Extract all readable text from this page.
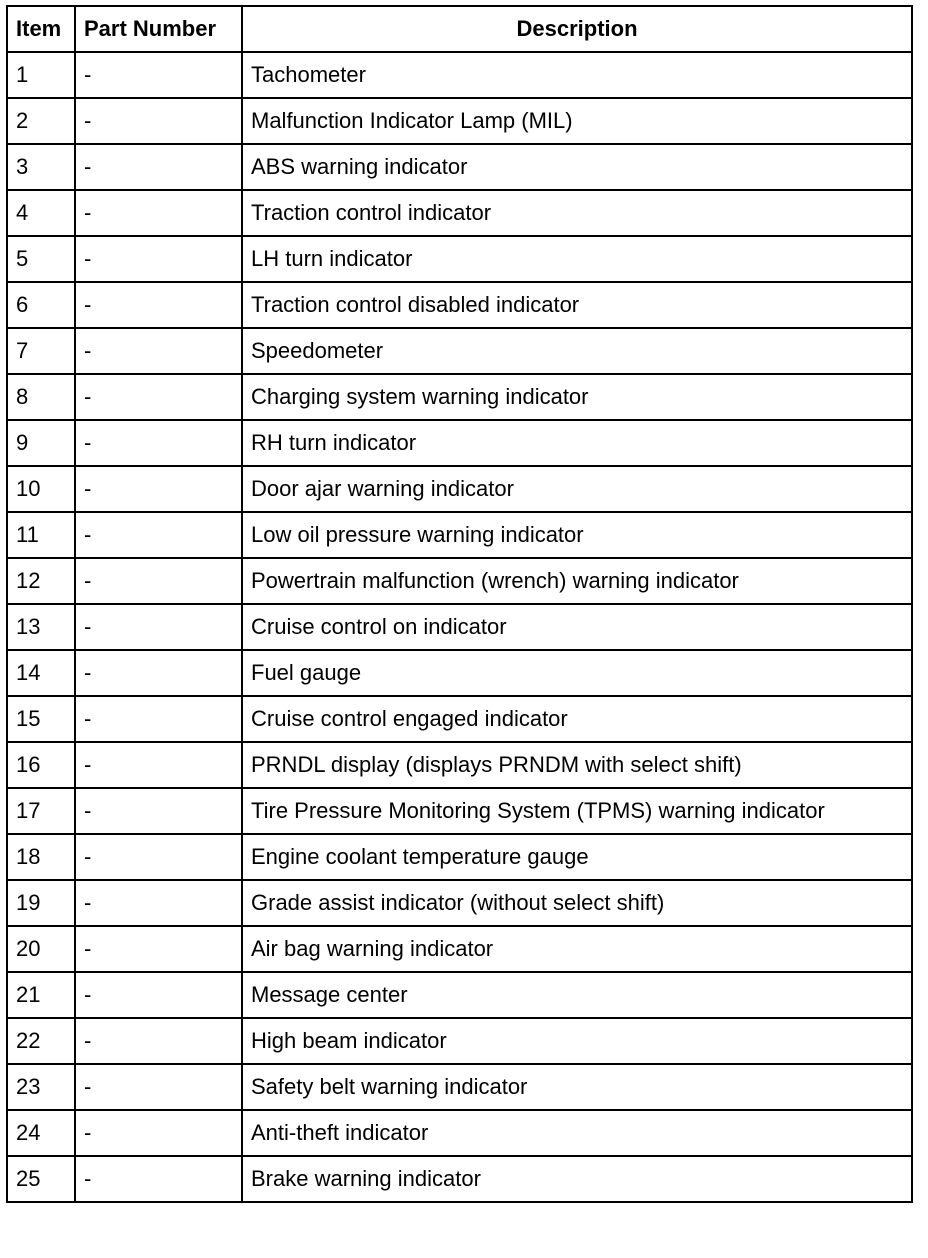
Item	Part Number	Description
1	-	Tachometer
2	-	Malfunction Indicator Lamp (MIL)
3	-	ABS warning indicator
4	-	Traction control indicator
5	-	LH turn indicator
6	-	Traction control disabled indicator
7	-	Speedometer
8	-	Charging system warning indicator
9	-	RH turn indicator
10	-	Door ajar warning indicator
11	-	Low oil pressure warning indicator
12	-	Powertrain malfunction (wrench) warning indicator
13	-	Cruise control on indicator
14	-	Fuel gauge
15	-	Cruise control engaged indicator
16	-	PRNDL display (displays PRNDM with select shift)
17	-	Tire Pressure Monitoring System (TPMS) warning indicator
18	-	Engine coolant temperature gauge
19	-	Grade assist indicator (without select shift)
20	-	Air bag warning indicator
21	-	Message center
22	-	High beam indicator
23	-	Safety belt warning indicator
24	-	Anti-theft indicator
25	-	Brake warning indicator
